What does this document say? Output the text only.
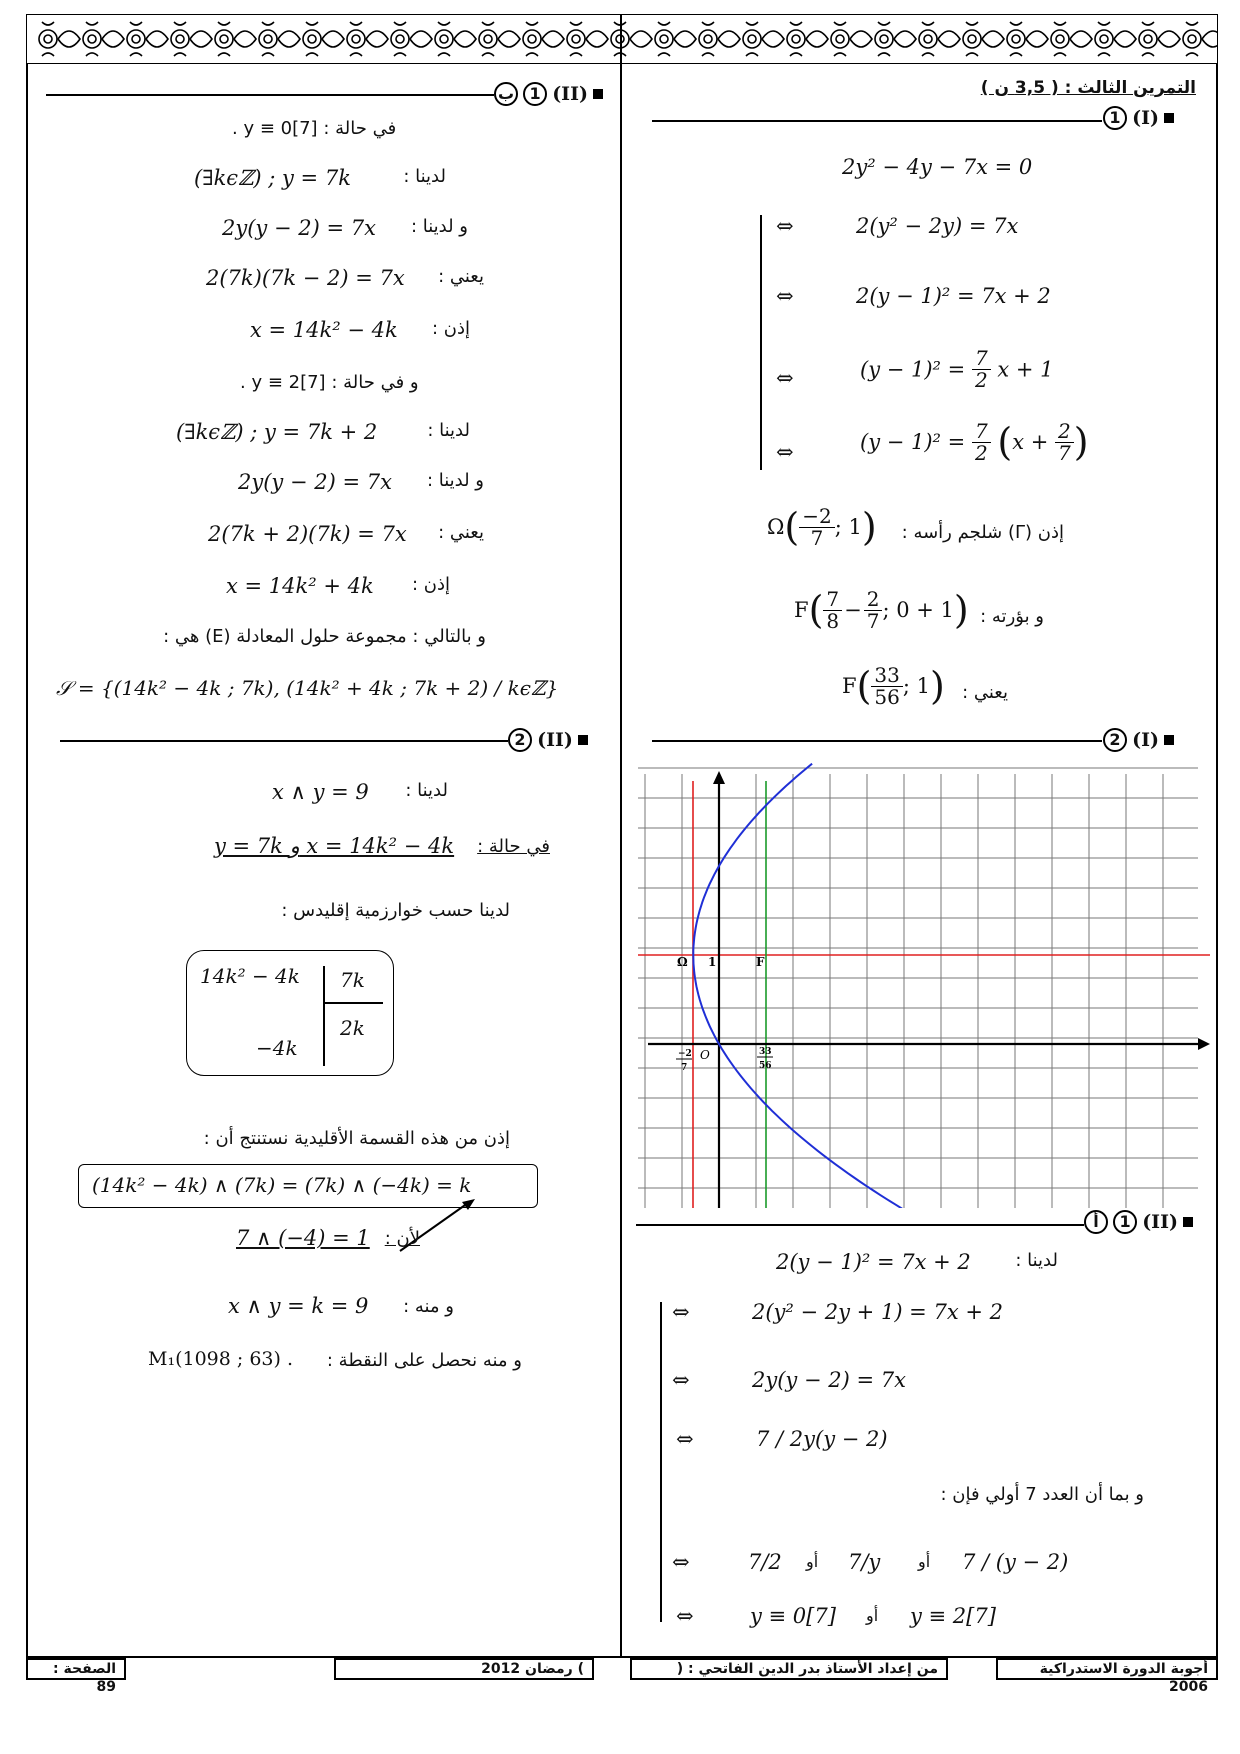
التمرين الثالث : ( 3,5 ن )
1 (I)
2y² − 4y − 7x = 0
⇔	2(y² − 2y) = 7x
⇔	2(y − 1)² = 7x + 2
⇔	$(y - 1)^2 = \frac{7}{2}$ x + 1
⇔	$(y - 1)^2 = \frac{7}{2} (x + \frac{2}{7}$ )
إذن (Γ) شلجم رأسه :
$\Omega( \frac{-2}{7}$ ; 1)
و بؤرته :
$F( \frac{7}{8} - \frac{2}{7}$ ; 0 + 1)
يعني :
$F( \frac{33}{56}$ ; 1)
2 (I)
Ω 1	F
O
−2
7
33
56
أ 1 (II)
لدينا :
2(y − 1)² = 7x + 2
⇔	2(y² − 2y + 1) = 7x + 2
⇔	2y(y − 2) = 7x
⇔	7 / 2y(y − 2)
و بما أن العدد 7 أولي فإن :
⇔	7/2 أو 7/y أو 7 / (y − 2)
⇔	y ≡ 0[7] أو y ≡ 2[7]
ب 1 (II)
في حالة : y ≡ 0[7] .
لدينا :
(∃kϵℤ) ; y = 7k
و لدينا :
2y(y − 2) = 7x
يعني :
2(7k)(7k − 2) = 7x
إذن :
x = 14k² − 4k
و في حالة : y ≡ 2[7] .
لدينا :
(∃kϵℤ) ; y = 7k + 2
و لدينا :
2y(y − 2) = 7x
يعني :
2(7k + 2)(7k) = 7x
إذن :
x = 14k² + 4k
و بالتالي : مجموعة حلول المعادلة (E) هي :
𝒮 = {(14k² − 4k ; 7k), (14k² + 4k ; 7k + 2) / kϵℤ}
2 (II)
لدينا :
x ∧ y = 9
في حالة :
y = 7k و x = 14k² − 4k
لدينا حسب خوارزمية إقليدس :
14k² − 4k 7k
2k
−4k
إذن من هذه القسمة الأقليدية نستنتج أن :
(14k² − 4k) ∧ (7k) = (7k) ∧ (−4k) = k
لأن :
7 ∧ (−4) = 1
و منه :
x ∧ y = k = 9
و منه نحصل على النقطة :
M₁(1098 ; 63) .
أجوبة الدورة الاستدراكية 2006
من إعداد الأستاذ بدر الدين الفاتحي : (
) رمضان 2012
الصفحة : 89
